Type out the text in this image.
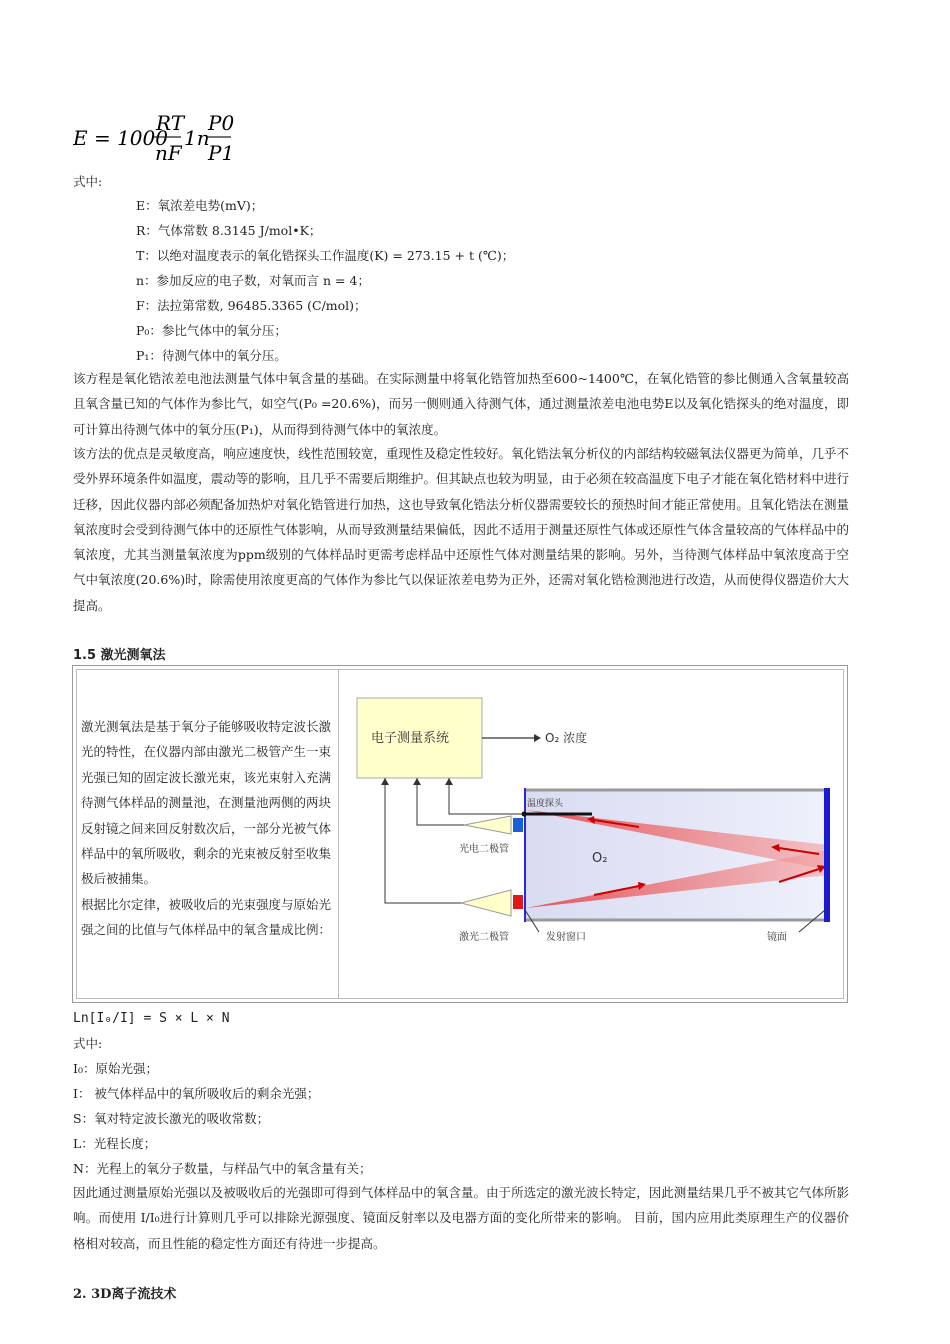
E = 1000
RT
nF
1n
P0
P1
式中:
E：氧浓差电势(mV)；
R：气体常数 8.3145 J/mol•K；
T：以绝对温度表示的氧化锆探头工作温度(K) = 273.15 + t (℃)；
n：参加反应的电子数，对氧而言 n = 4；
F：法拉第常数, 96485.3365 (C/mol)；
P₀：参比气体中的氧分压；
P₁：待测气体中的氧分压。
该方程是氧化锆浓差电池法测量气体中氧含量的基础。在实际测量中将氧化锆管加热至600~1400℃，在氧化锆管的参比侧通入含氧量较高且氧含量已知的气体作为参比气，如空气(P₀ =20.6%)，而另一侧则通入待测气体，通过测量浓差电池电势E以及氧化锆探头的绝对温度，即可计算出待测气体中的氧分压(P₁)，从而得到待测气体中的氧浓度。
该方法的优点是灵敏度高，响应速度快，线性范围较宽，重现性及稳定性较好。氧化锆法氧分析仪的内部结构较磁氧法仪器更为简单，几乎不受外界环境条件如温度，震动等的影响，且几乎不需要后期维护。但其缺点也较为明显，由于必须在较高温度下电子才能在氧化锆材料中进行迁移，因此仪器内部必须配备加热炉对氧化锆管进行加热，这也导致氧化锆法分析仪器需要较长的预热时间才能正常使用。且氧化锆法在测量氧浓度时会受到待测气体中的还原性气体影响，从而导致测量结果偏低，因此不适用于测量还原性气体或还原性气体含量较高的气体样品中的氧浓度，尤其当测量氧浓度为ppm级别的气体样品时更需考虑样品中还原性气体对测量结果的影响。另外，当待测气体样品中氧浓度高于空气中氧浓度(20.6%)时，除需使用浓度更高的气体作为参比气以保证浓差电势为正外，还需对氧化锆检测池进行改造，从而使得仪器造价大大提高。
1.5 激光测氧法
激光测氧法是基于氧分子能够吸收特定波长激光的特性，在仪器内部由激光二极管产生一束光强已知的固定波长激光束，该光束射入充满待测气体样品的测量池，在测量池两侧的两块反射镜之间来回反射数次后，一部分光被气体样品中的氧所吸收，剩余的光束被反射至收集极后被捕集。
根据比尔定律，被吸收后的光束强度与原始光强之间的比值与气体样品中的氧含量成比例：
电子测量系统	O₂ 浓度
O₂
温度探头
光电二极管
激光二极管	发射窗口	镜面
Ln[I₀/I] = S × L × N
式中:
I₀：原始光强；
I： 被气体样品中的氧所吸收后的剩余光强；
S：氧对特定波长激光的吸收常数；
L：光程长度；
N：光程上的氧分子数量，与样品气中的氧含量有关；
因此通过测量原始光强以及被吸收后的光强即可得到气体样品中的氧含量。由于所选定的激光波长特定，因此测量结果几乎不被其它气体所影响。而使用 I/I₀进行计算则几乎可以排除光源强度、镜面反射率以及电器方面的变化所带来的影响。 目前，国内应用此类原理生产的仪器价格相对较高，而且性能的稳定性方面还有待进一步提高。
2. 3D离子流技术
